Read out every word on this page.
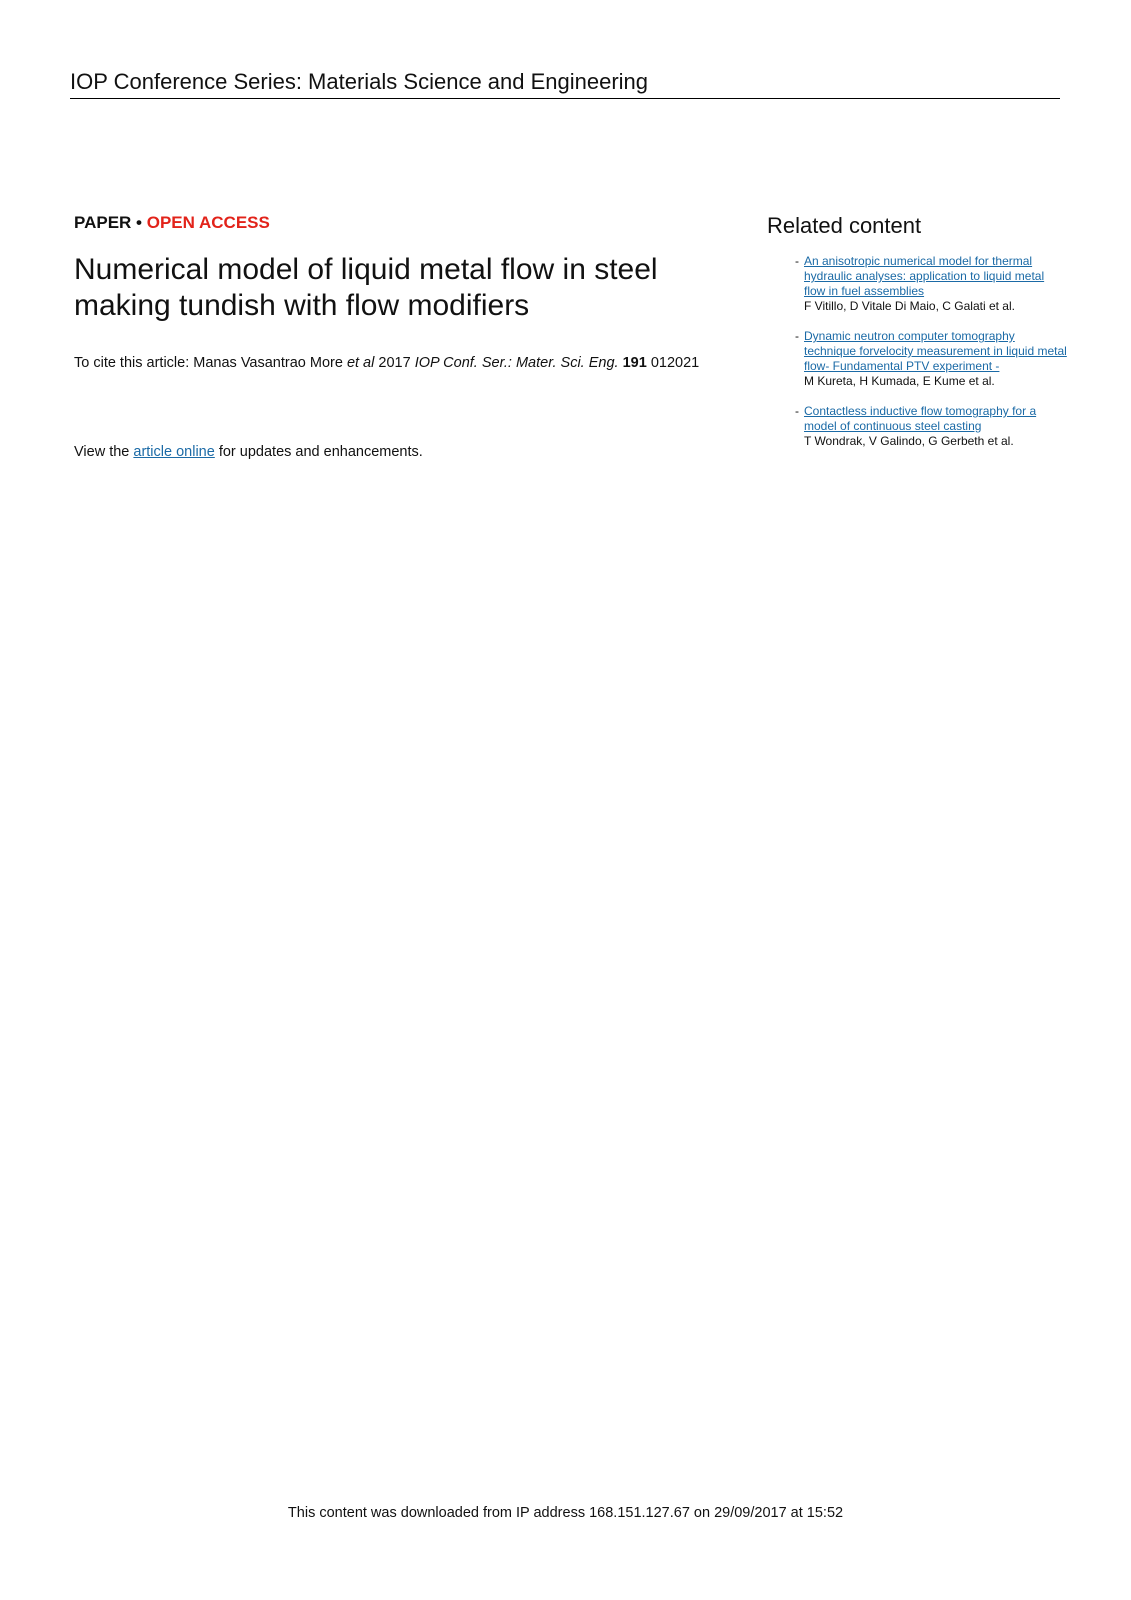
IOP Conference Series: Materials Science and Engineering
PAPER • OPEN ACCESS
Numerical model of liquid metal flow in steel making tundish with flow modifiers
To cite this article: Manas Vasantrao More et al 2017 IOP Conf. Ser.: Mater. Sci. Eng. 191 012021
View the article online for updates and enhancements.
Related content
- An anisotropic numerical model for thermal hydraulic analyses: application to liquid metal flow in fuel assemblies
F Vitillo, D Vitale Di Maio, C Galati et al.
- Dynamic neutron computer tomography technique forvelocity measurement in liquid metal flow- Fundamental PTV experiment -
M Kureta, H Kumada, E Kume et al.
- Contactless inductive flow tomography for a model of continuous steel casting
T Wondrak, V Galindo, G Gerbeth et al.
This content was downloaded from IP address 168.151.127.67 on 29/09/2017 at 15:52
